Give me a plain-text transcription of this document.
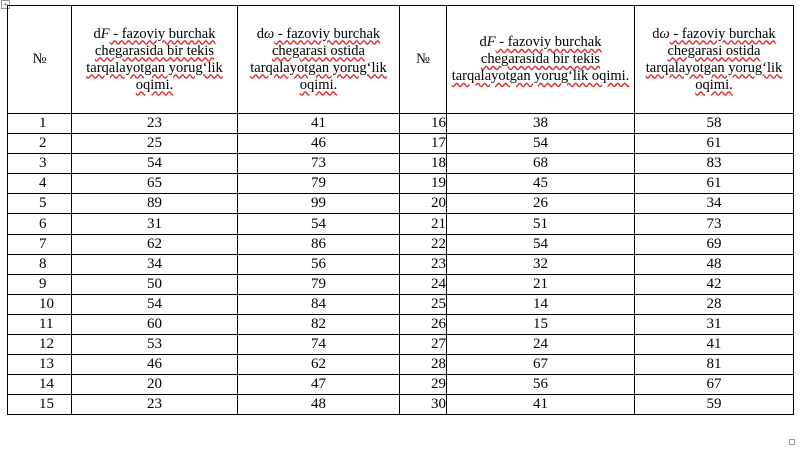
+
№	dF - fazoviy burchak chegarasida bir tekis tarqalayotgan yorug‘lik oqimi.	dω - fazoviy burchak chegarasi ostida tarqalayotgan yorug‘lik oqimi.	№	dF - fazoviy burchak chegarasida bir tekis tarqalayotgan yorug‘lik oqimi.	dω - fazoviy burchak chegarasi ostida tarqalayotgan yorug‘lik oqimi.
1	23	41	16	38	58
2	25	46	17	54	61
3	54	73	18	68	83
4	65	79	19	45	61
5	89	99	20	26	34
6	31	54	21	51	73
7	62	86	22	54	69
8	34	56	23	32	48
9	50	79	24	21	42
10	54	84	25	14	28
11	60	82	26	15	31
12	53	74	27	24	41
13	46	62	28	67	81
14	20	47	29	56	67
15	23	48	30	41	59
